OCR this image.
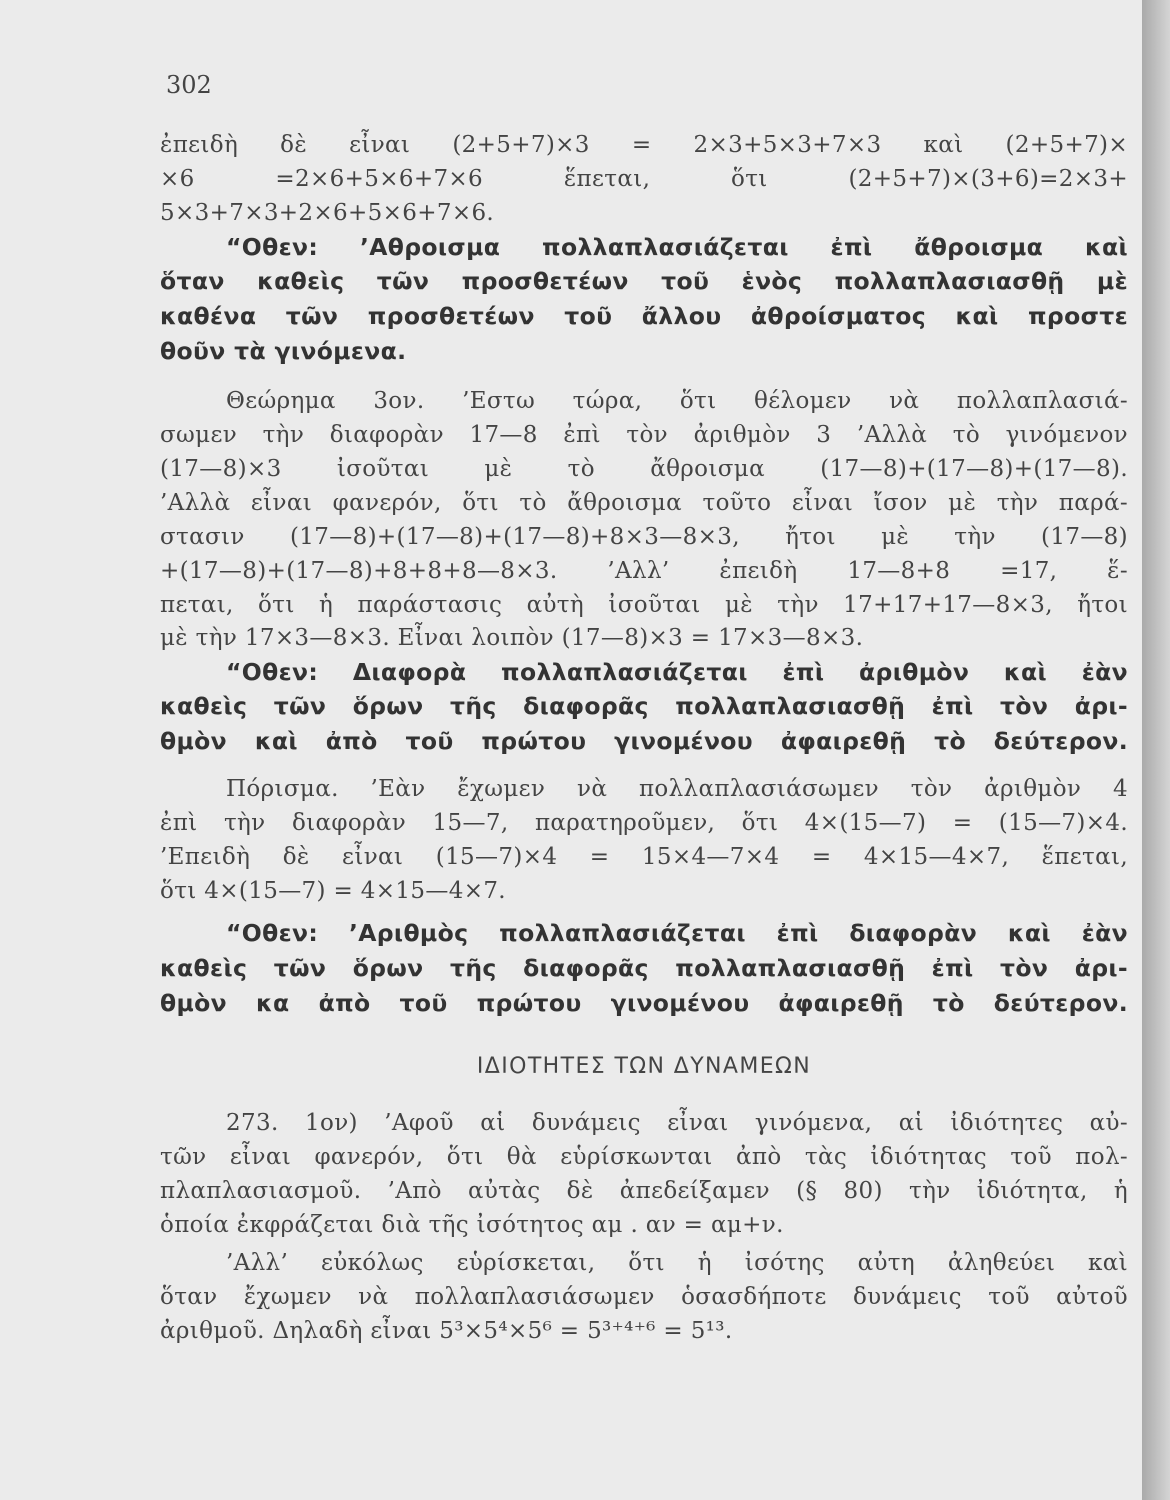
302
ἐπειδὴ δὲ εἶναι (2+5+7)×3 = 2×3+5×3+7×3 καὶ (2+5+7)×
×6 =2×6+5×6+7×6 ἕπεται, ὅτι (2+5+7)×(3+6)=2×3+
5×3+7×3+2×6+5×6+7×6.
“Οθεν: ’Αθροισμα πολλαπλασιάζεται ἐπὶ ἄθροισμα καὶ
ὅταν καθεὶς τῶν προσθετέων τοῦ ἑνὸς πολλαπλασιασθῇ μὲ
καθένα τῶν προσθετέων τοῦ ἄλλου ἀθροίσματος καὶ προστε
θοῦν τὰ γινόμενα.
Θεώρημα 3ον. ’Εστω τώρα, ὅτι θέλομεν νὰ πολλαπλασιά-
σωμεν τὴν διαφορὰν 17—8 ἐπὶ τὸν ἀριθμὸν 3 ’Αλλὰ τὸ γινόμενον
(17—8)×3 ἰσοῦται μὲ τὸ ἄθροισμα (17—8)+(17—8)+(17—8).
’Αλλὰ εἶναι φανερόν, ὅτι τὸ ἄθροισμα τοῦτο εἶναι ἴσον μὲ τὴν παρά-
στασιν (17—8)+(17—8)+(17—8)+8×3—8×3, ἤτοι μὲ τὴν (17—8)
+(17—8)+(17—8)+8+8+8—8×3. ’Αλλ’ ἐπειδὴ 17—8+8 =17, ἕ-
πεται, ὅτι ἡ παράστασις αὐτὴ ἰσοῦται μὲ τὴν 17+17+17—8×3, ἤτοι
μὲ τὴν 17×3—8×3. Εἶναι λοιπὸν (17—8)×3 = 17×3—8×3.
“Οθεν: Διαφορὰ πολλαπλασιάζεται ἐπὶ ἀριθμὸν καὶ ἐὰν
καθεὶς τῶν ὅρων τῆς διαφορᾶς πολλαπλασιασθῇ ἐπὶ τὸν ἀρι-
θμὸν καὶ ἀπὸ τοῦ πρώτου γινομένου ἀφαιρεθῇ τὸ δεύτερον.
Πόρισμα. ’Εὰν ἔχωμεν νὰ πολλαπλασιάσωμεν τὸν ἀριθμὸν 4
ἐπὶ τὴν διαφορὰν 15—7, παρατηροῦμεν, ὅτι 4×(15—7) = (15—7)×4.
’Επειδὴ δὲ εἶναι (15—7)×4 = 15×4—7×4 = 4×15—4×7, ἕπεται,
ὅτι 4×(15—7) = 4×15—4×7.
“Οθεν: ’Αριθμὸς πολλαπλασιάζεται ἐπὶ διαφορὰν καὶ ἐὰν
καθεὶς τῶν ὅρων τῆς διαφορᾶς πολλαπλασιασθῇ ἐπὶ τὸν ἀρι-
θμὸν κα ἀπὸ τοῦ πρώτου γινομένου ἀφαιρεθῇ τὸ δεύτερον.
ΙΔΙΟΤΗΤΕΣ ΤΩΝ ΔΥΝΑΜΕΩΝ
273. 1ον) ’Αφοῦ αἱ δυνάμεις εἶναι γινόμενα, αἱ ἰδιότητες αὐ-
τῶν εἶναι φανερόν, ὅτι θὰ εὑρίσκωνται ἀπὸ τὰς ἰδιότητας τοῦ πολ-
πλαπλασιασμοῦ. ’Απὸ αὐτὰς δὲ ἀπεδείξαμεν (§ 80) τὴν ἰδιότητα, ἡ
ὁποία ἐκφράζεται διὰ τῆς ἰσότητος αμ . αν = αμ+ν.
’Αλλ’ εὐκόλως εὑρίσκεται, ὅτι ἡ ἰσότης αὐτη ἀληθεύει καὶ
ὅταν ἔχωμεν νὰ πολλαπλασιάσωμεν ὁσασδήποτε δυνάμεις τοῦ αὐτοῦ
ἀριθμοῦ. Δηλαδὴ εἶναι 5³×5⁴×5⁶ = 5³⁺⁴⁺⁶ = 5¹³.
